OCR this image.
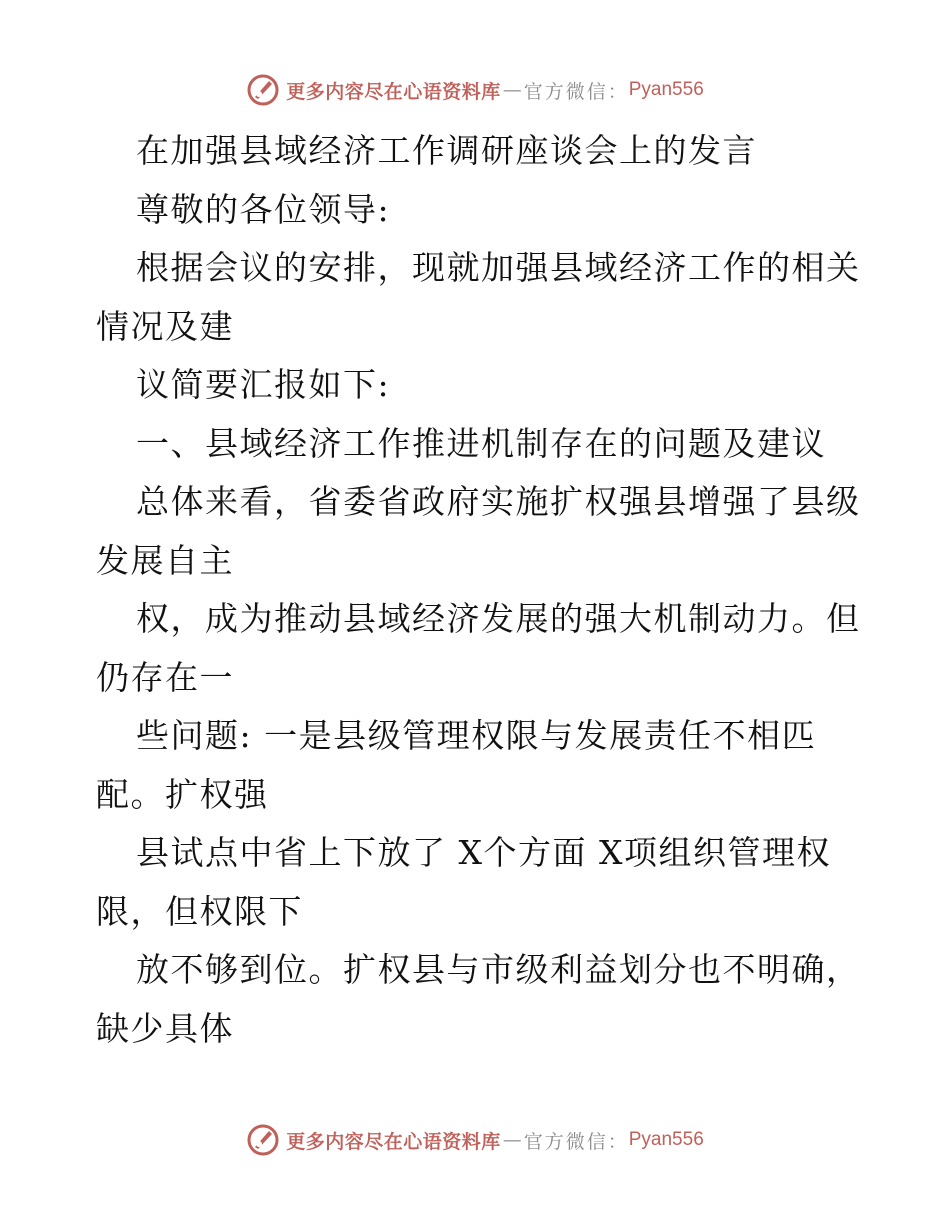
更多内容尽在心语资料库 — 官方微信： Pyan556
在加强县域经济工作调研座谈会上的发言
尊敬的各位领导:
根据会议的安排，现就加强县域经济工作的相关
情况及建
议简要汇报如下:
一、县域经济工作推进机制存在的问题及建议
总体来看，省委省政府实施扩权强县增强了县级
发展自主
权，成为推动县域经济发展的强大机制动力。但
仍存在一
些问题: 一是县级管理权限与发展责任不相匹
配。扩权强
县试点中省上下放了 X个方面 X项组织管理权
限，但权限下
放不够到位。扩权县与市级利益划分也不明确，
缺少具体
更多内容尽在心语资料库 — 官方微信： Pyan556
